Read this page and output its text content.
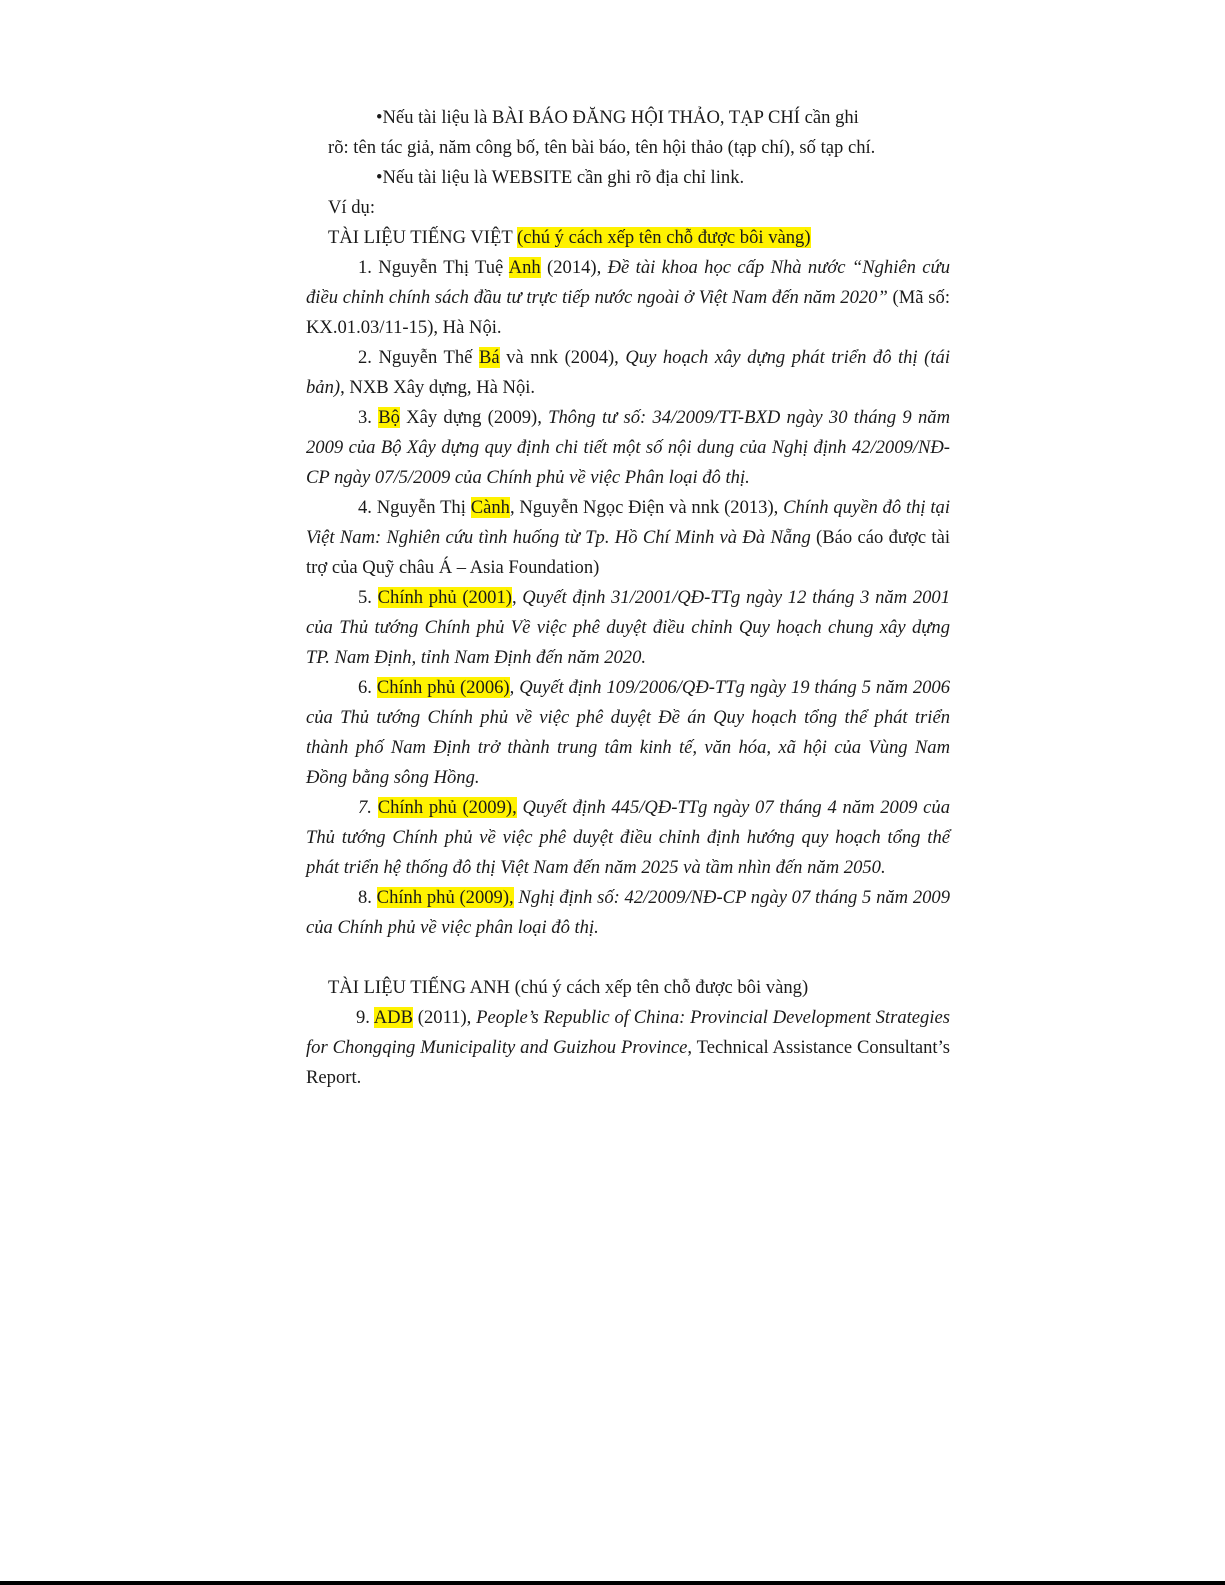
•Nếu tài liệu là BÀI BÁO ĐĂNG HỘI THẢO, TẠP CHÍ cần ghi

rõ: tên tác giả, năm công bố, tên bài báo, tên hội thảo (tạp chí), số tạp chí.

•Nếu tài liệu là WEBSITE cần ghi rõ địa chỉ link.

Ví dụ:

TÀI LIỆU TIẾNG VIỆT (chú ý cách xếp tên chỗ được bôi vàng)

1. Nguyễn Thị Tuệ Anh (2014), Đề tài khoa học cấp Nhà nước “Nghiên cứu điều chỉnh chính sách đầu tư trực tiếp nước ngoài ở Việt Nam đến năm 2020” (Mã số: KX.01.03/11-15), Hà Nội.

2. Nguyễn Thế Bá và nnk (2004), Quy hoạch xây dựng phát triển đô thị (tái bản), NXB Xây dựng, Hà Nội.

3. Bộ Xây dựng (2009), Thông tư số: 34/2009/TT-BXD ngày 30 tháng 9 năm 2009 của Bộ Xây dựng quy định chi tiết một số nội dung của Nghị định 42/2009/NĐ-CP ngày 07/5/2009 của Chính phủ về việc Phân loại đô thị.

4. Nguyễn Thị Cành, Nguyễn Ngọc Điện và nnk (2013), Chính quyền đô thị tại Việt Nam: Nghiên cứu tình huống từ Tp. Hồ Chí Minh và Đà Nẵng (Báo cáo được tài trợ của Quỹ châu Á – Asia Foundation)

5. Chính phủ (2001), Quyết định 31/2001/QĐ-TTg ngày 12 tháng 3 năm 2001 của Thủ tướng Chính phủ Về việc phê duyệt điều chỉnh Quy hoạch chung xây dựng TP. Nam Định, tỉnh Nam Định đến năm 2020.

6. Chính phủ (2006), Quyết định 109/2006/QĐ-TTg ngày 19 tháng 5 năm 2006 của Thủ tướng Chính phủ về việc phê duyệt Đề án Quy hoạch tổng thể phát triển thành phố Nam Định trở thành trung tâm kinh tế, văn hóa, xã hội của Vùng Nam Đồng bằng sông Hồng.

7. Chính phủ (2009), Quyết định 445/QĐ-TTg ngày 07 tháng 4 năm 2009 của Thủ tướng Chính phủ về việc phê duyệt điều chỉnh định hướng quy hoạch tổng thể phát triển hệ thống đô thị Việt Nam đến năm 2025 và tầm nhìn đến năm 2050.

8. Chính phủ (2009), Nghị định số: 42/2009/NĐ-CP ngày 07 tháng 5 năm 2009 của Chính phủ về việc phân loại đô thị.

TÀI LIỆU TIẾNG ANH (chú ý cách xếp tên chỗ được bôi vàng)

9. ADB (2011), People’s Republic of China: Provincial Development Strategies for Chongqing Municipality and Guizhou Province, Technical Assistance Consultant’s Report.
